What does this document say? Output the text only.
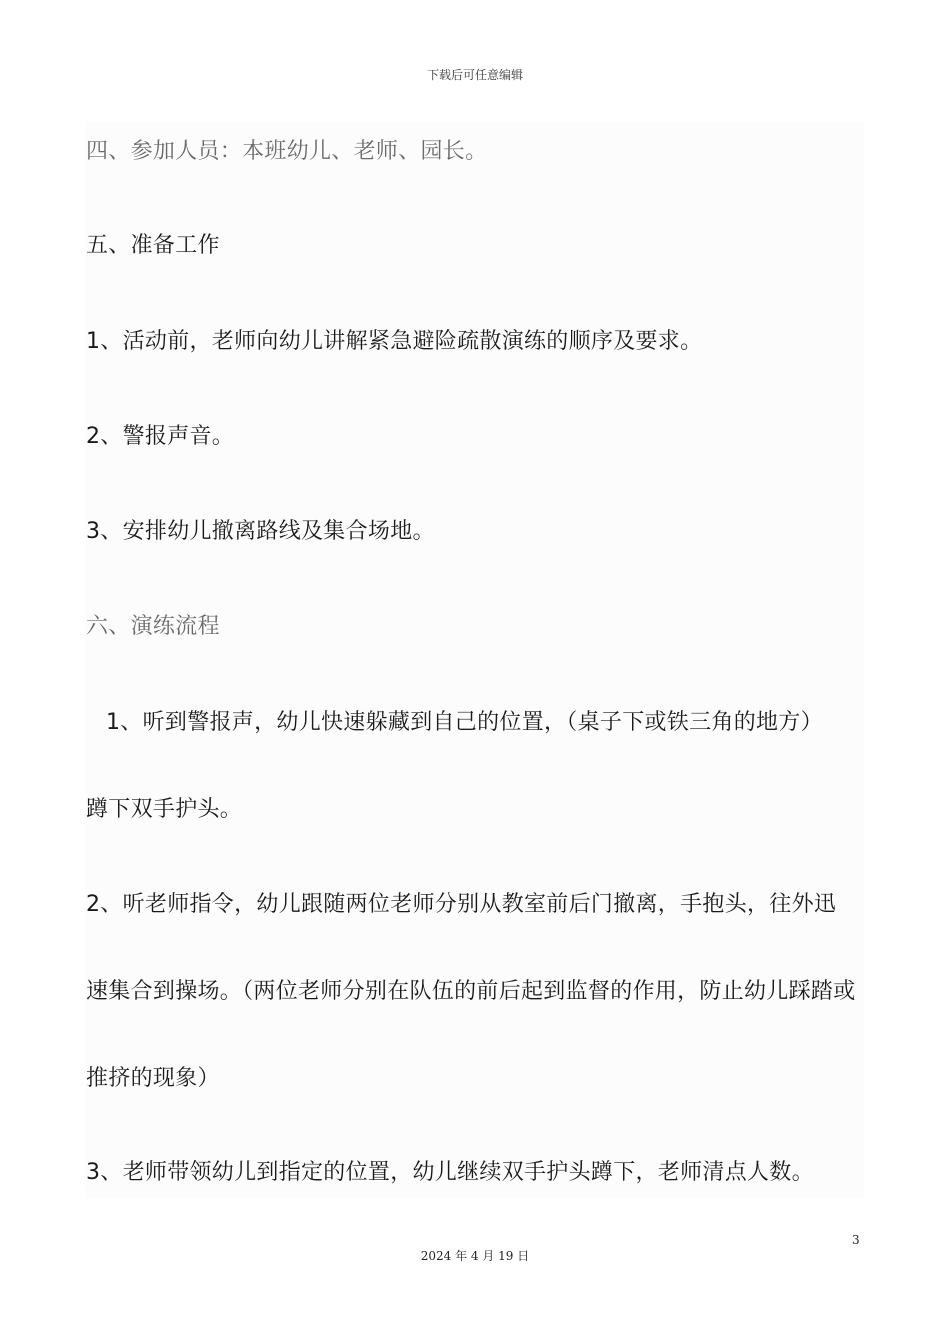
下载后可任意编辑
四、参加人员：本班幼儿、老师、园长。
五、准备工作
1、活动前，老师向幼儿讲解紧急避险疏散演练的顺序及要求。
2、警报声音。
3、安排幼儿撤离路线及集合场地。
六、演练流程
1、听到警报声，幼儿快速躲藏到自己的位置，（桌子下或铁三角的地方）
蹲下双手护头。
2、听老师指令，幼儿跟随两位老师分别从教室前后门撤离，手抱头，往外迅
速集合到操场。（两位老师分别在队伍的前后起到监督的作用，防止幼儿踩踏或
推挤的现象）
3、老师带领幼儿到指定的位置，幼儿继续双手护头蹲下，老师清点人数。
3
2024 年 4 月 19 日
